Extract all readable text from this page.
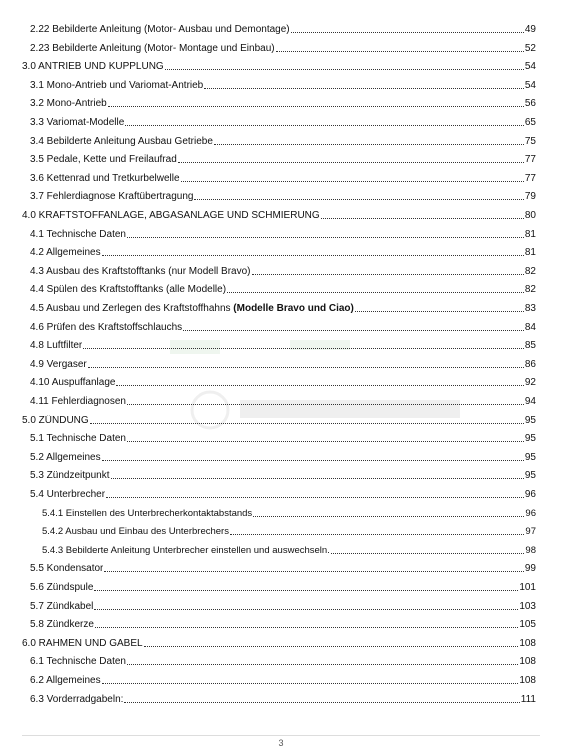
2.22 Bebilderte Anleitung (Motor- Ausbau und Demontage)	49
2.23 Bebilderte Anleitung (Motor- Montage und Einbau)	52
3.0 ANTRIEB UND KUPPLUNG	54
3.1 Mono-Antrieb und Variomat-Antrieb	54
3.2 Mono-Antrieb	56
3.3 Variomat-Modelle	65
3.4 Bebilderte Anleitung Ausbau Getriebe	75
3.5 Pedale, Kette und Freilaufrad	77
3.6 Kettenrad und Tretkurbelwelle	77
3.7 Fehlerdiagnose Kraftübertragung	79
4.0 KRAFTSTOFFANLAGE, ABGASANLAGE UND SCHMIERUNG	80
4.1 Technische Daten	81
4.2 Allgemeines	81
4.3 Ausbau des Kraftstofftanks (nur Modell Bravo)	82
4.4 Spülen des Kraftstofftanks (alle Modelle)	82
4.5 Ausbau und Zerlegen des Kraftstoffhahns (Modelle Bravo und Ciao)	83
4.6 Prüfen des Kraftstoffschlauchs	84
4.8 Luftfilter	85
4.9 Vergaser	86
4.10 Auspuffanlage	92
4.11 Fehlerdiagnosen	94
5.0 ZÜNDUNG	95
5.1 Technische Daten	95
5.2 Allgemeines	95
5.3 Zündzeitpunkt	95
5.4 Unterbrecher	96
5.4.1 Einstellen des Unterbrecherkontaktabstands	96
5.4.2 Ausbau und Einbau des Unterbrechers	97
5.4.3 Bebilderte Anleitung Unterbrecher einstellen und auswechseln.	98
5.5 Kondensator	99
5.6 Zündspule	101
5.7 Zündkabel	103
5.8 Zündkerze	105
6.0 RAHMEN UND GABEL	108
6.1 Technische Daten	108
6.2 Allgemeines	108
6.3 Vorderradgabeln:	111
3
